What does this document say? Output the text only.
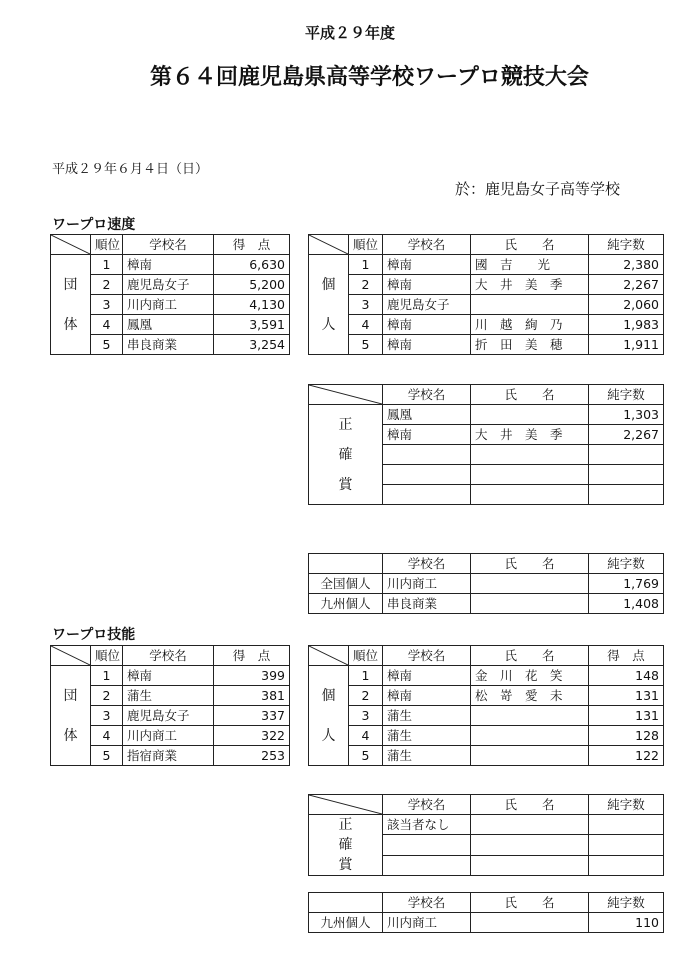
平成２９年度
第６４回鹿児島県高等学校ワープロ競技大会
平成２９年６月４日（日）
於：鹿児島女子高等学校
ワープロ速度
	順位	学校名	得　点

団
体	1	樟南	6,630
	2	鹿児島女子	5,200
	3	川内商工	4,130
	4	鳳凰	3,591
	5	串良商業	3,254
	順位	学校名	氏　　名	純字数

個
人	1	樟南	國　吉　　光	2,380
	2	樟南	大　井　美　季	2,267
	3	鹿児島女子		2,060
	4	樟南	川　越　絢　乃	1,983
	5	樟南	折　田　美　穂	1,911
	学校名	氏　　名	純字数

正
確
賞	鳳凰		1,303
	樟南	大　井　美　季	2,267

	学校名	氏　　名	純字数
全国個人	川内商工		1,769
九州個人	串良商業		1,408
ワープロ技能
	順位	学校名	得　点

団
体	1	樟南	399
	2	蒲生	381
	3	鹿児島女子	337
	4	川内商工	322
	5	指宿商業	253
	順位	学校名	氏　　名	得　点

個
人	1	樟南	金　川　花　笑	148
	2	樟南	松　嵜　愛　未	131
	3	蒲生		131
	4	蒲生		128
	5	蒲生		122
	学校名	氏　　名	純字数

正
確
賞	該当者なし		

	学校名	氏　　名	純字数
九州個人	川内商工		110
